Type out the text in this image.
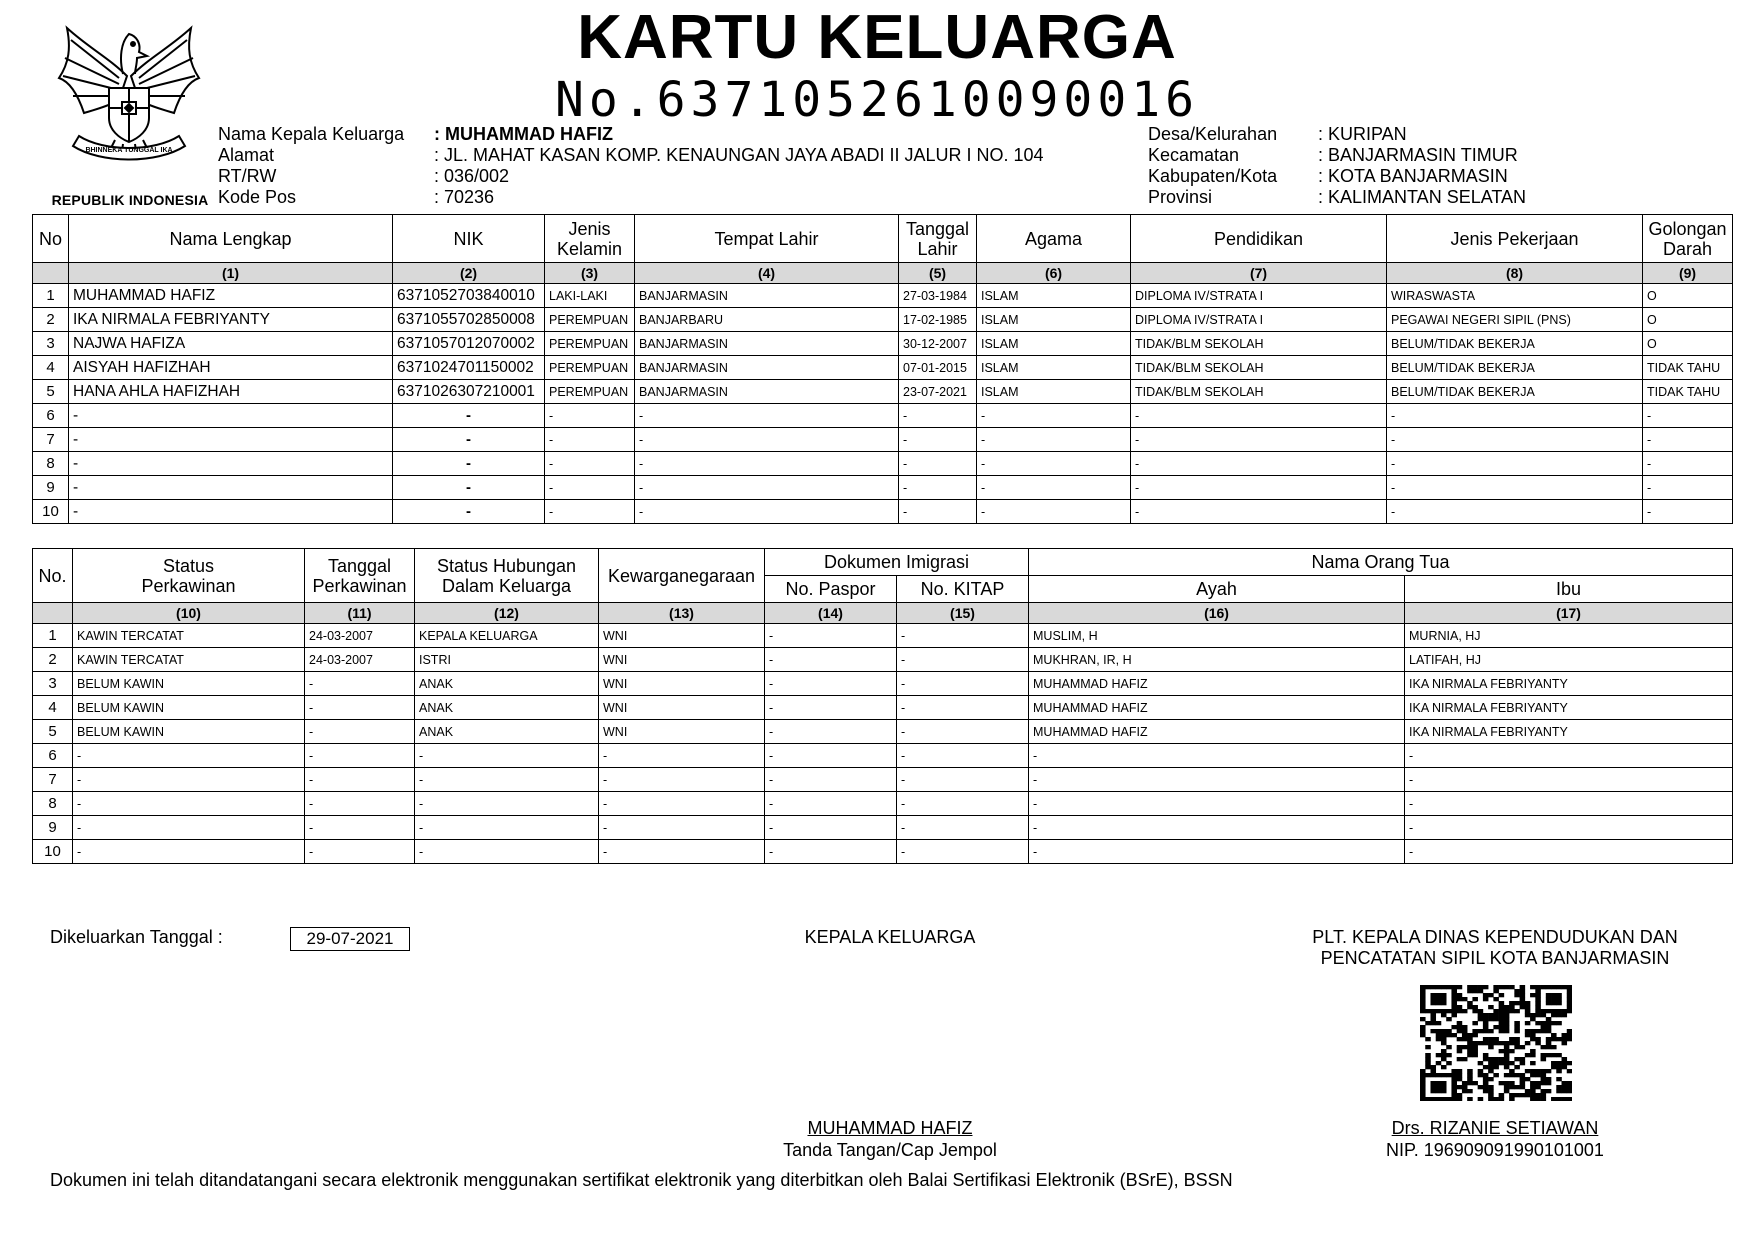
BHINNEKA TUNGGAL IKA
REPUBLIK INDONESIA
KARTU KELUARGA
No.6371052610090016
Nama Kepala Keluarga : MUHAMMAD HAFIZ
Alamat	: JL. MAHAT KASAN KOMP. KENAUNGAN JAYA ABADI II JALUR I NO. 104
RT/RW	: 036/002
Kode Pos	: 70236
Desa/Kelurahan : KURIPAN
Kecamatan	: BANJARMASIN TIMUR
Kabupaten/Kota : KOTA BANJARMASIN
Provinsi	: KALIMANTAN SELATAN
No	Nama Lengkap	NIK	Jenis Kelamin	Tempat Lahir	Tanggal Lahir	Agama	Pendidikan	Jenis Pekerjaan	Golongan Darah
	(1)	(2)	(3)	(4)	(5)	(6)	(7)	(8)	(9)
1	MUHAMMAD HAFIZ	6371052703840010	LAKI-LAKI	BANJARMASIN	27-03-1984	ISLAM	DIPLOMA IV/STRATA I	WIRASWASTA	O
2	IKA NIRMALA FEBRIYANTY	6371055702850008	PEREMPUAN	BANJARBARU	17-02-1985	ISLAM	DIPLOMA IV/STRATA I	PEGAWAI NEGERI SIPIL (PNS)	O
3	NAJWA HAFIZA	6371057012070002	PEREMPUAN	BANJARMASIN	30-12-2007	ISLAM	TIDAK/BLM SEKOLAH	BELUM/TIDAK BEKERJA	O
4	AISYAH HAFIZHAH	6371024701150002	PEREMPUAN	BANJARMASIN	07-01-2015	ISLAM	TIDAK/BLM SEKOLAH	BELUM/TIDAK BEKERJA	TIDAK TAHU
5	HANA AHLA HAFIZHAH	6371026307210001	PEREMPUAN	BANJARMASIN	23-07-2021	ISLAM	TIDAK/BLM SEKOLAH	BELUM/TIDAK BEKERJA	TIDAK TAHU
6	-	-	-	-	-	-	-	-	-
7	-	-	-	-	-	-	-	-	-
8	-	-	-	-	-	-	-	-	-
9	-	-	-	-	-	-	-	-	-
10	-	-	-	-	-	-	-	-	-
No.	Status Perkawinan	Tanggal Perkawinan	Status Hubungan Dalam Keluarga	Kewarganegaraan	Dokumen Imigrasi		Nama Orang Tua	
					No. Paspor	No. KITAP	Ayah	Ibu
	(10)	(11)	(12)	(13)	(14)	(15)	(16)	(17)
1	KAWIN TERCATAT	24-03-2007	KEPALA KELUARGA	WNI	-	-	MUSLIM, H	MURNIA, HJ
2	KAWIN TERCATAT	24-03-2007	ISTRI	WNI	-	-	MUKHRAN, IR, H	LATIFAH, HJ
3	BELUM KAWIN	-	ANAK	WNI	-	-	MUHAMMAD HAFIZ	IKA NIRMALA FEBRIYANTY
4	BELUM KAWIN	-	ANAK	WNI	-	-	MUHAMMAD HAFIZ	IKA NIRMALA FEBRIYANTY
5	BELUM KAWIN	-	ANAK	WNI	-	-	MUHAMMAD HAFIZ	IKA NIRMALA FEBRIYANTY
6	-	-	-	-	-	-	-	-
7	-	-	-	-	-	-	-	-
8	-	-	-	-	-	-	-	-
9	-	-	-	-	-	-	-	-
10	-	-	-	-	-	-	-	-
Dikeluarkan Tanggal :	29-07-2021	KEPALA KELUARGA
MUHAMMAD HAFIZ
Tanda Tangan/Cap Jempol
PLT. KEPALA DINAS KEPENDUDUKAN DAN
PENCATATAN SIPIL KOTA BANJARMASIN
Drs. RIZANIE SETIAWAN
NIP. 196909091990101001
Dokumen ini telah ditandatangani secara elektronik menggunakan sertifikat elektronik yang diterbitkan oleh Balai Sertifikasi Elektronik (BSrE), BSSN
